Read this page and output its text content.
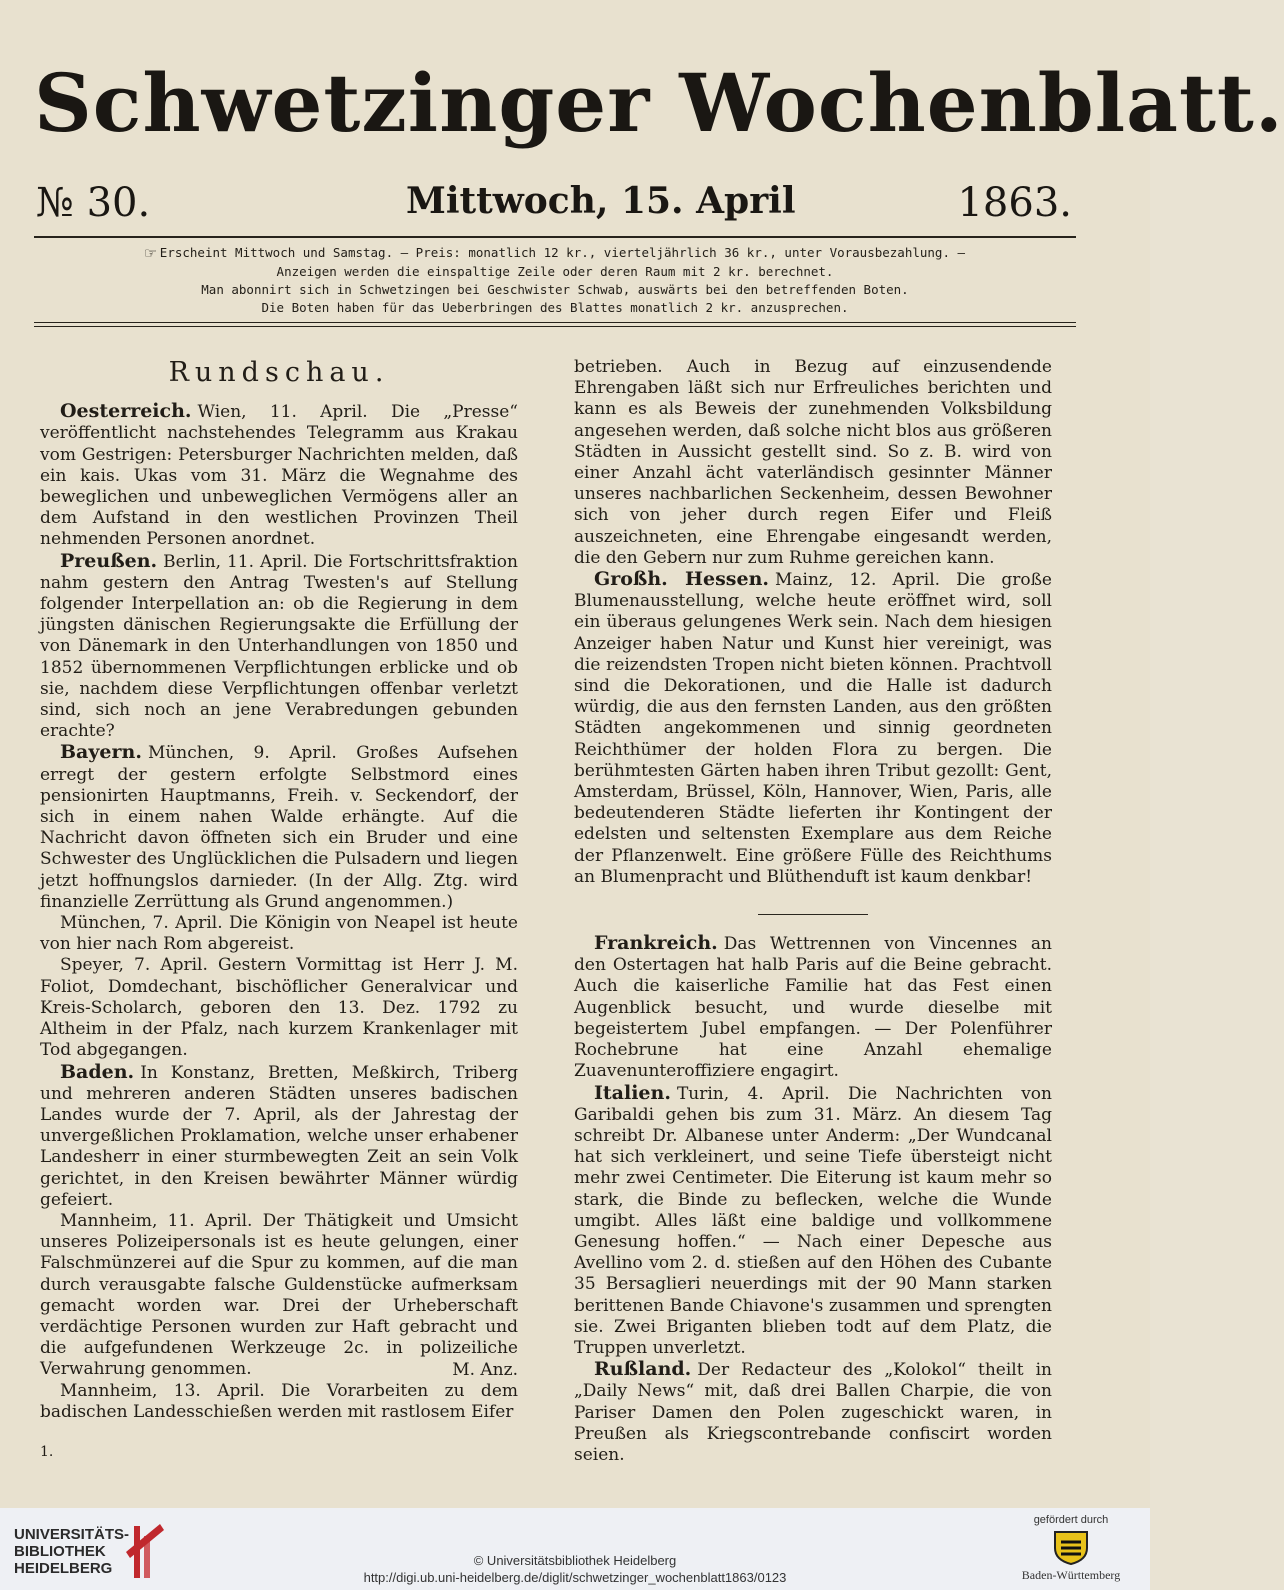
Schwetzinger Wochenblatt.
№ 30.	Mittwoch, 15. April	1863.
☞ Erscheint Mittwoch und Samstag. — Preis: monatlich 12 kr., vierteljährlich 36 kr., unter Vorausbezahlung. —
Anzeigen werden die einspaltige Zeile oder deren Raum mit 2 kr. berechnet.
Man abonnirt sich in Schwetzingen bei Geschwister Schwab, auswärts bei den betreffenden Boten.
Die Boten haben für das Ueberbringen des Blattes monatlich 2 kr. anzusprechen.
Rundschau.

Oesterreich. Wien, 11. April. Die „Presse“ veröffentlicht nachstehendes Telegramm aus Krakau vom Gestrigen: Petersburger Nachrichten melden, daß ein kais. Ukas vom 31. März die Wegnahme des beweglichen und unbeweglichen Vermögens aller an dem Aufstand in den westlichen Provinzen Theil nehmenden Personen anordnet.

Preußen. Berlin, 11. April. Die Fortschrittsfraktion nahm gestern den Antrag Twesten's auf Stellung folgender Interpellation an: ob die Regierung in dem jüngsten dänischen Regierungsakte die Erfüllung der von Dänemark in den Unterhandlungen von 1850 und 1852 übernommenen Verpflichtungen erblicke und ob sie, nachdem diese Verpflichtungen offenbar verletzt sind, sich noch an jene Verabredungen gebunden erachte?

Bayern. München, 9. April. Großes Aufsehen erregt der gestern erfolgte Selbstmord eines pensionirten Hauptmanns, Freih. v. Seckendorf, der sich in einem nahen Walde erhängte. Auf die Nachricht davon öffneten sich ein Bruder und eine Schwester des Unglücklichen die Pulsadern und liegen jetzt hoffnungslos darnieder. (In der Allg. Ztg. wird finanzielle Zerrüttung als Grund angenommen.)

München, 7. April. Die Königin von Neapel ist heute von hier nach Rom abgereist.

Speyer, 7. April. Gestern Vormittag ist Herr J. M. Foliot, Domdechant, bischöflicher Generalvicar und Kreis-Scholarch, geboren den 13. Dez. 1792 zu Altheim in der Pfalz, nach kurzem Krankenlager mit Tod abgegangen.

Baden. In Konstanz, Bretten, Meßkirch, Triberg und mehreren anderen Städten unseres badischen Landes wurde der 7. April, als der Jahrestag der unvergeßlichen Proklamation, welche unser erhabener Landesherr in einer sturmbewegten Zeit an sein Volk gerichtet, in den Kreisen bewährter Männer würdig gefeiert.

Mannheim, 11. April. Der Thätigkeit und Umsicht unseres Polizeipersonals ist es heute gelungen, einer Falschmünzerei auf die Spur zu kommen, auf die man durch verausgabte falsche Guldenstücke aufmerksam gemacht worden war. Drei der Urheberschaft verdächtige Personen wurden zur Haft gebracht und die aufgefundenen Werkzeuge 2c. in polizeiliche Verwahrung genommen.	M. Anz.

Mannheim, 13. April. Die Vorarbeiten zu dem badischen Landesschießen werden mit rastlosem Eifer

betrieben. Auch in Bezug auf einzusendende Ehrengaben läßt sich nur Erfreuliches berichten und kann es als Beweis der zunehmenden Volksbildung angesehen werden, daß solche nicht blos aus größeren Städten in Aussicht gestellt sind. So z. B. wird von einer Anzahl ächt vaterländisch gesinnter Männer unseres nachbarlichen Seckenheim, dessen Bewohner sich von jeher durch regen Eifer und Fleiß auszeichneten, eine Ehrengabe eingesandt werden, die den Gebern nur zum Ruhme gereichen kann.

Großh. Hessen. Mainz, 12. April. Die große Blumenausstellung, welche heute eröffnet wird, soll ein überaus gelungenes Werk sein. Nach dem hiesigen Anzeiger haben Natur und Kunst hier vereinigt, was die reizendsten Tropen nicht bieten können. Prachtvoll sind die Dekorationen, und die Halle ist dadurch würdig, die aus den fernsten Landen, aus den größten Städten angekommenen und sinnig geordneten Reichthümer der holden Flora zu bergen. Die berühmtesten Gärten haben ihren Tribut gezollt: Gent, Amsterdam, Brüssel, Köln, Hannover, Wien, Paris, alle bedeutenderen Städte lieferten ihr Kontingent der edelsten und seltensten Exemplare aus dem Reiche der Pflanzenwelt. Eine größere Fülle des Reichthums an Blumenpracht und Blüthenduft ist kaum denkbar!

Frankreich. Das Wettrennen von Vincennes an den Ostertagen hat halb Paris auf die Beine gebracht. Auch die kaiserliche Familie hat das Fest einen Augenblick besucht, und wurde dieselbe mit begeistertem Jubel empfangen. — Der Polenführer Rochebrune hat eine Anzahl ehemalige Zuavenunteroffiziere engagirt.

Italien. Turin, 4. April. Die Nachrichten von Garibaldi gehen bis zum 31. März. An diesem Tag schreibt Dr. Albanese unter Anderm: „Der Wundcanal hat sich verkleinert, und seine Tiefe übersteigt nicht mehr zwei Centimeter. Die Eiterung ist kaum mehr so stark, die Binde zu beflecken, welche die Wunde umgibt. Alles läßt eine baldige und vollkommene Genesung hoffen.“ — Nach einer Depesche aus Avellino vom 2. d. stießen auf den Höhen des Cubante 35 Bersaglieri neuerdings mit der 90 Mann starken berittenen Bande Chiavone's zusammen und sprengten sie. Zwei Briganten blieben todt auf dem Platz, die Truppen unverletzt.

Rußland. Der Redacteur des „Kolokol“ theilt in „Daily News“ mit, daß drei Ballen Charpie, die von Pariser Damen den Polen zugeschickt waren, in Preußen als Kriegscontrebande confiscirt worden seien.

1.
UNIVERSITÄTS-
BIBLIOTHEK
HEIDELBERG	© Universitätsbibliothek Heidelberg
http://digi.ub.uni-heidelberg.de/diglit/schwetzinger_wochenblatt1863/0123
gefördert durch
Baden-Württemberg
